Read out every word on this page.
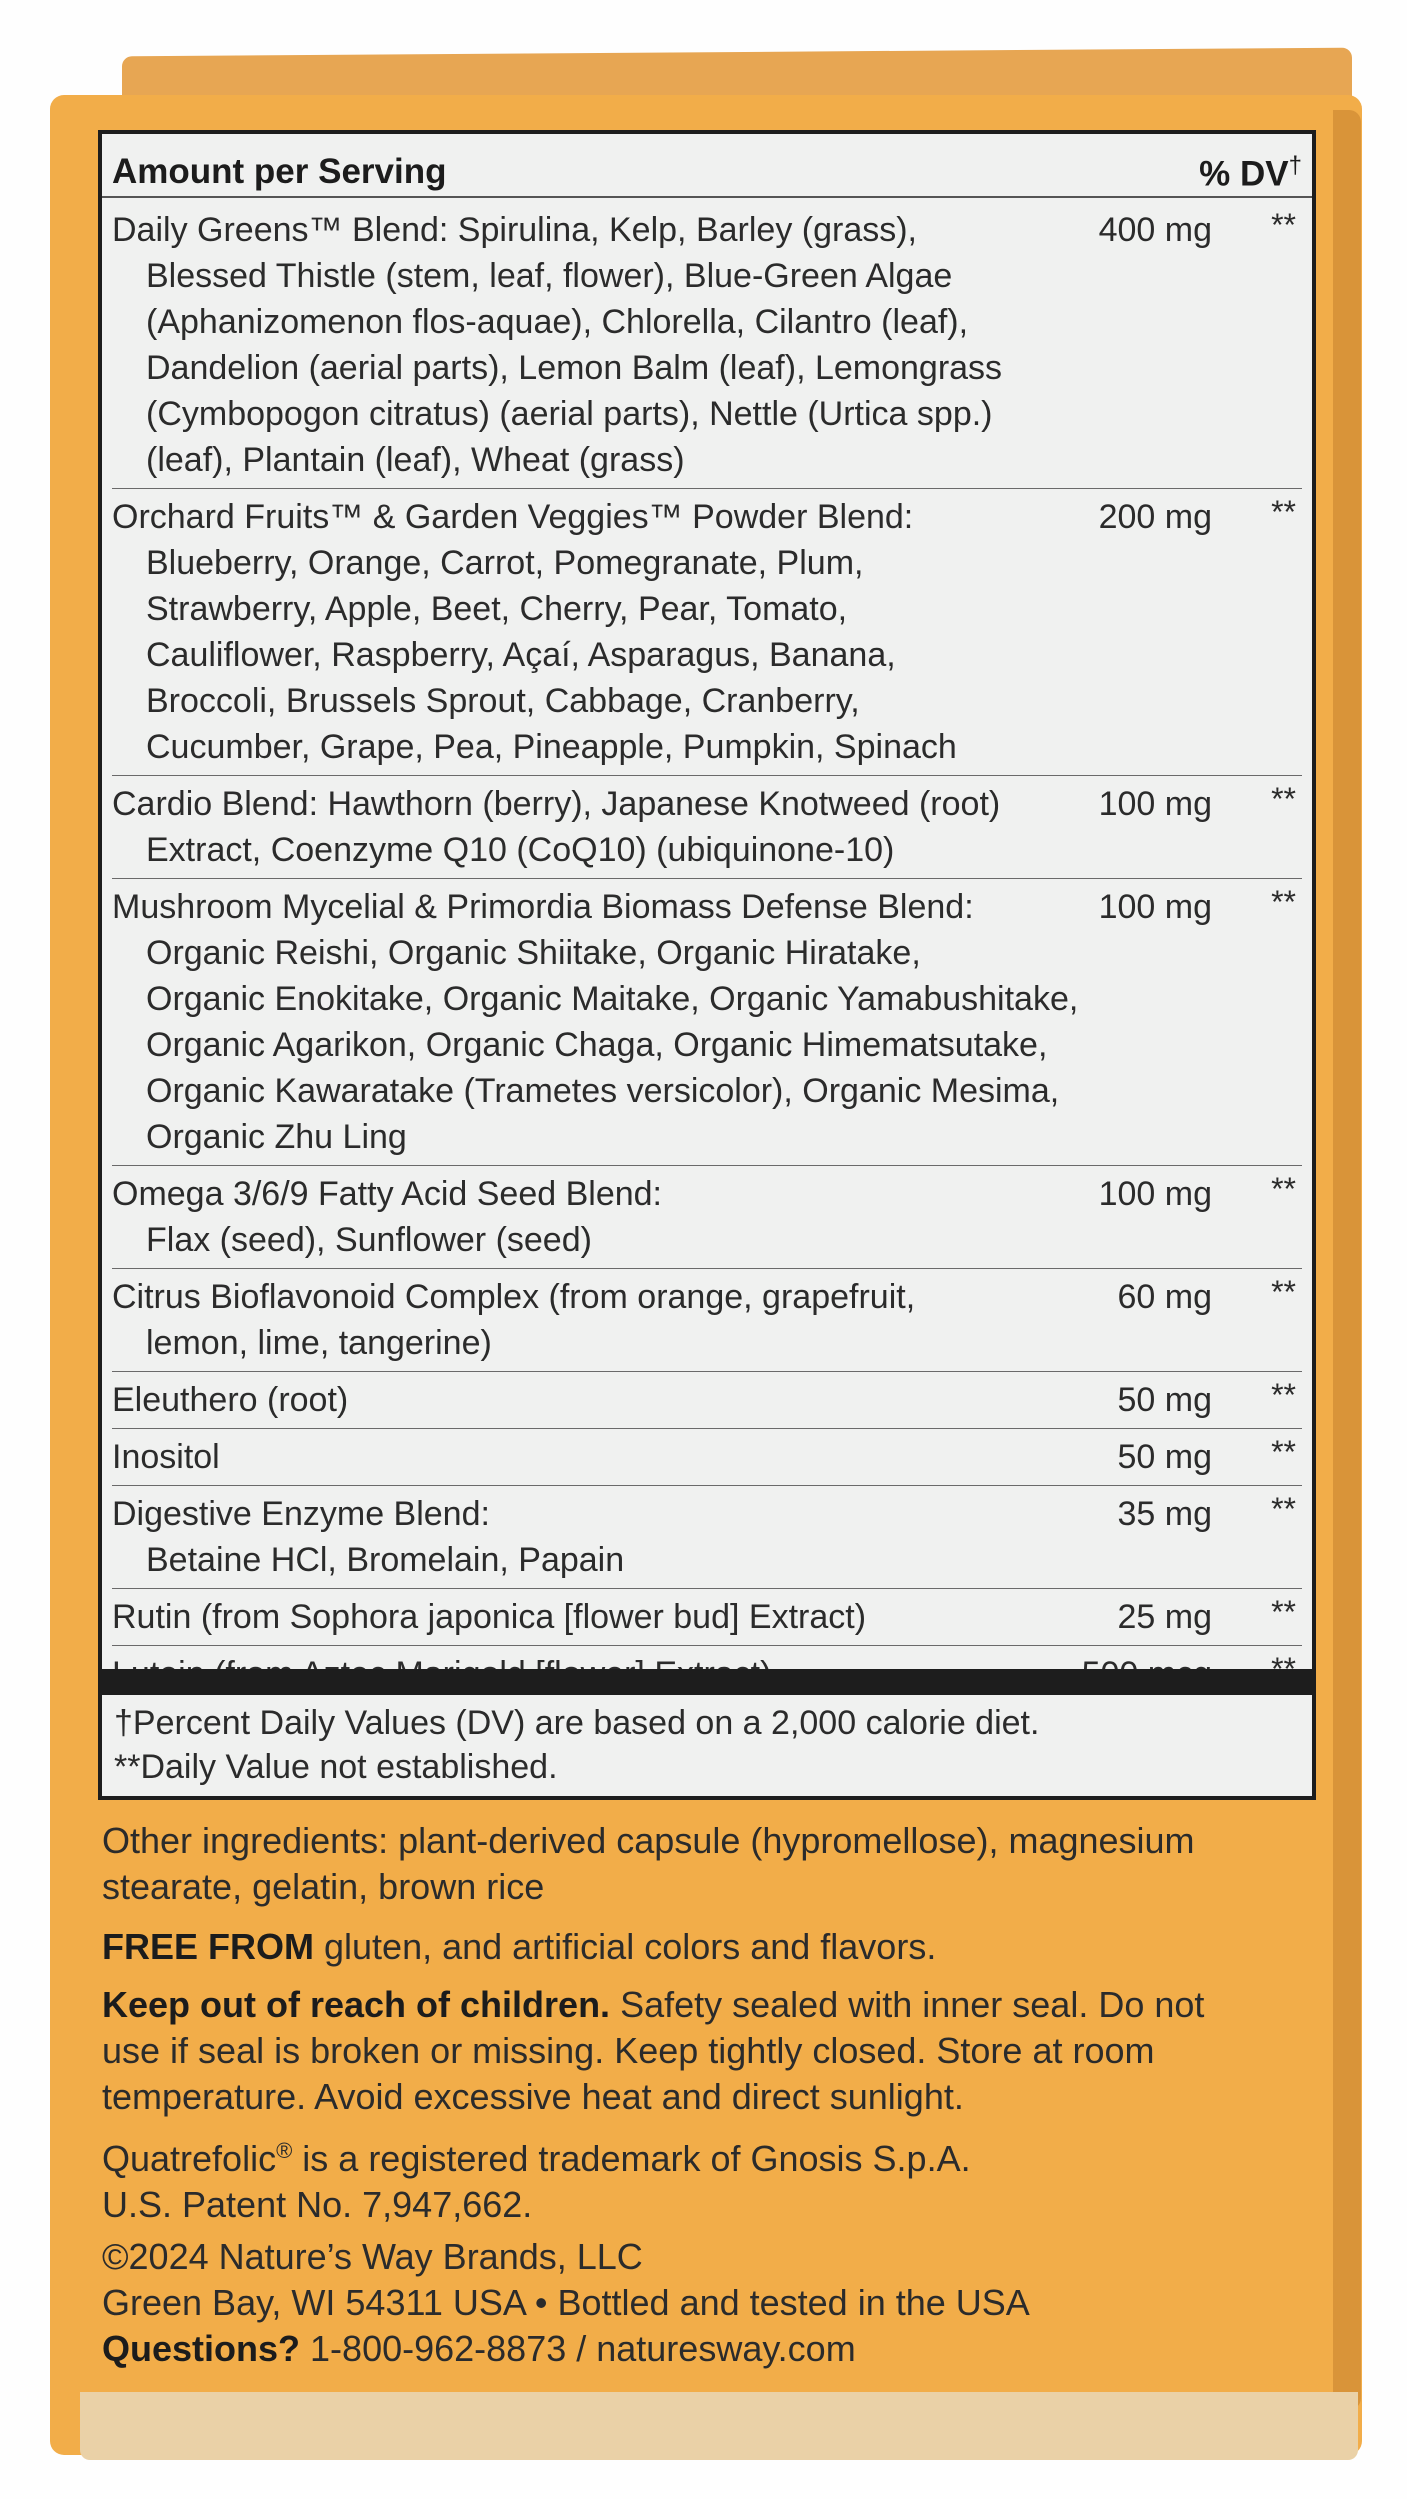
Amount per Serving	% DV†
Daily Greens™ Blend: Spirulina, Kelp, Barley (grass),
Blessed Thistle (stem, leaf, flower), Blue-Green Algae
(Aphanizomenon flos-aquae), Chlorella, Cilantro (leaf),
Dandelion (aerial parts), Lemon Balm (leaf), Lemongrass
(Cymbopogon citratus) (aerial parts), Nettle (Urtica spp.)
(leaf), Plantain (leaf), Wheat (grass)
400 mg	**
Orchard Fruits™ & Garden Veggies™ Powder Blend:
Blueberry, Orange, Carrot, Pomegranate, Plum,
Strawberry, Apple, Beet, Cherry, Pear, Tomato,
Cauliflower, Raspberry, Açaí, Asparagus, Banana,
Broccoli, Brussels Sprout, Cabbage, Cranberry,
Cucumber, Grape, Pea, Pineapple, Pumpkin, Spinach
200 mg	**
Cardio Blend: Hawthorn (berry), Japanese Knotweed (root)
Extract, Coenzyme Q10 (CoQ10) (ubiquinone-10)
100 mg	**
Mushroom Mycelial & Primordia Biomass Defense Blend:
Organic Reishi, Organic Shiitake, Organic Hiratake,
Organic Enokitake, Organic Maitake, Organic Yamabushitake,
Organic Agarikon, Organic Chaga, Organic Himematsutake,
Organic Kawaratake (Trametes versicolor), Organic Mesima,
Organic Zhu Ling
100 mg	**
Omega 3/6/9 Fatty Acid Seed Blend:
Flax (seed), Sunflower (seed)
100 mg	**
Citrus Bioflavonoid Complex (from orange, grapefruit,
lemon, lime, tangerine)
60 mg	**
Eleuthero (root)	50 mg	**
Inositol	50 mg	**
Digestive Enzyme Blend:
Betaine HCl, Bromelain, Papain
35 mg	**
Rutin (from Sophora japonica [flower bud] Extract)	25 mg	**
†Percent Daily Values (DV) are based on a 2,000 calorie diet.
**Daily Value not established.
Other ingredients: plant-derived capsule (hypromellose), magnesium
stearate, gelatin, brown rice
FREE FROM gluten, and artificial colors and flavors.
Keep out of reach of children. Safety sealed with inner seal. Do not
use if seal is broken or missing. Keep tightly closed. Store at room
temperature. Avoid excessive heat and direct sunlight.
Quatrefolic® is a registered trademark of Gnosis S.p.A.
U.S. Patent No. 7,947,662.
©2024 Nature’s Way Brands, LLC
Green Bay, WI 54311 USA • Bottled and tested in the USA
Questions? 1-800-962-8873 / naturesway.com
